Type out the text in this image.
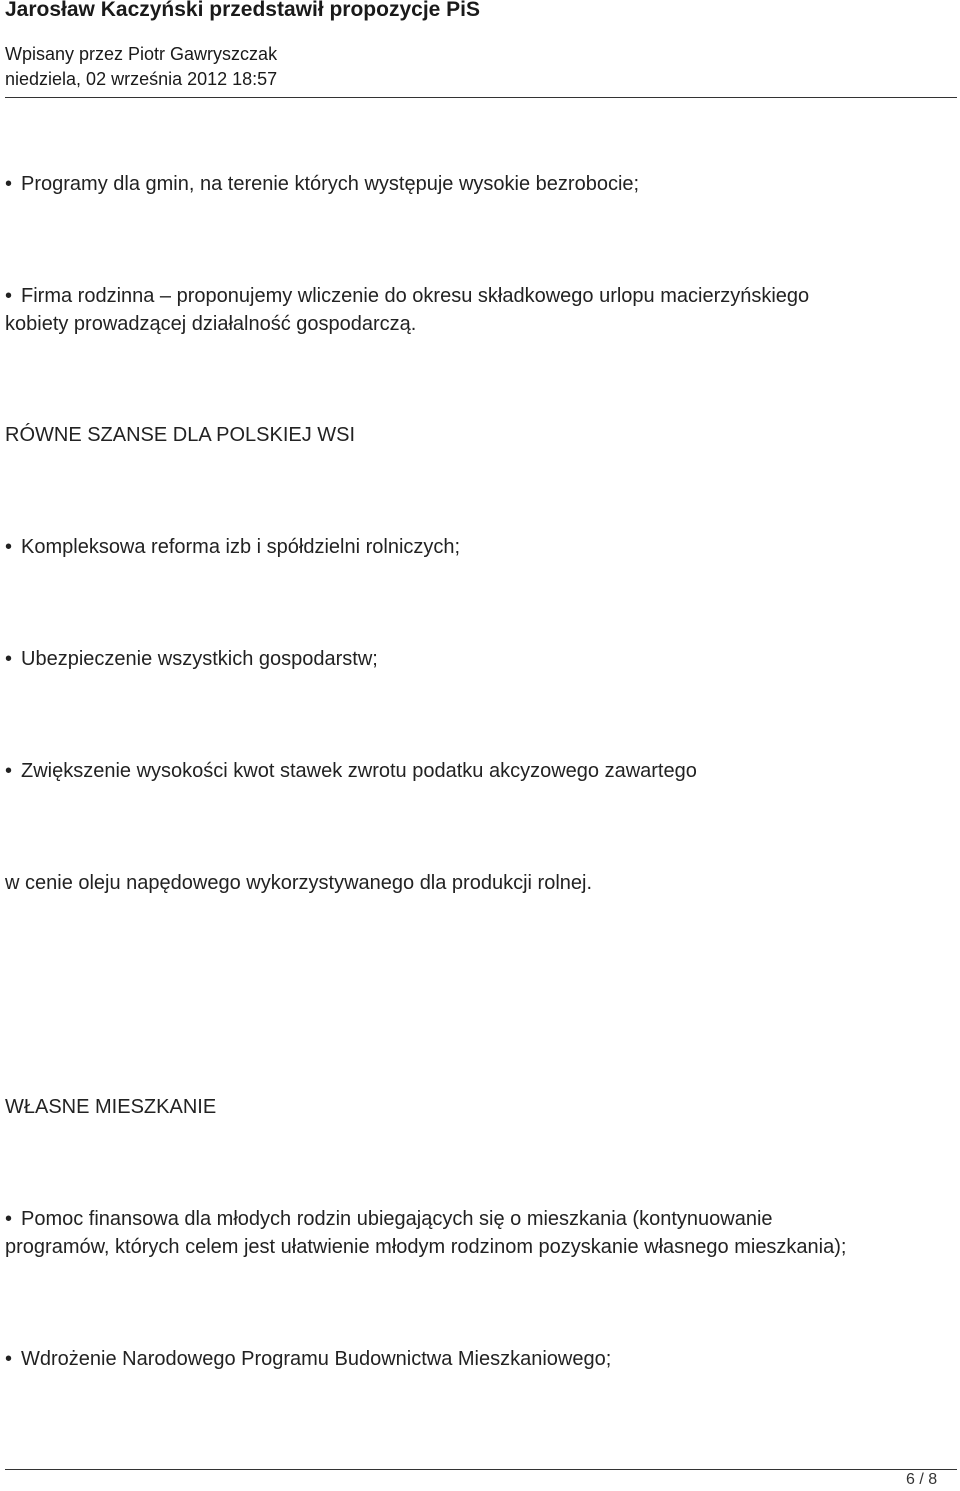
Jarosław Kaczyński przedstawił propozycje PiS
Wpisany przez Piotr Gawryszczak
niedziela, 02 września 2012 18:57
• Programy dla gmin, na terenie których występuje wysokie bezrobocie;
• Firma rodzinna – proponujemy wliczenie do okresu składkowego urlopu macierzyńskiego
kobiety prowadzącej działalność gospodarczą.
RÓWNE SZANSE DLA POLSKIEJ WSI
• Kompleksowa reforma izb i spółdzielni rolniczych;
• Ubezpieczenie wszystkich gospodarstw;
• Zwiększenie wysokości kwot stawek zwrotu podatku akcyzowego zawartego
w cenie oleju napędowego wykorzystywanego dla produkcji rolnej.
WŁASNE MIESZKANIE
• Pomoc finansowa dla młodych rodzin ubiegających się o mieszkania (kontynuowanie
programów, których celem jest ułatwienie młodym rodzinom pozyskanie własnego mieszkania);
• Wdrożenie Narodowego Programu Budownictwa Mieszkaniowego;
6 / 8
